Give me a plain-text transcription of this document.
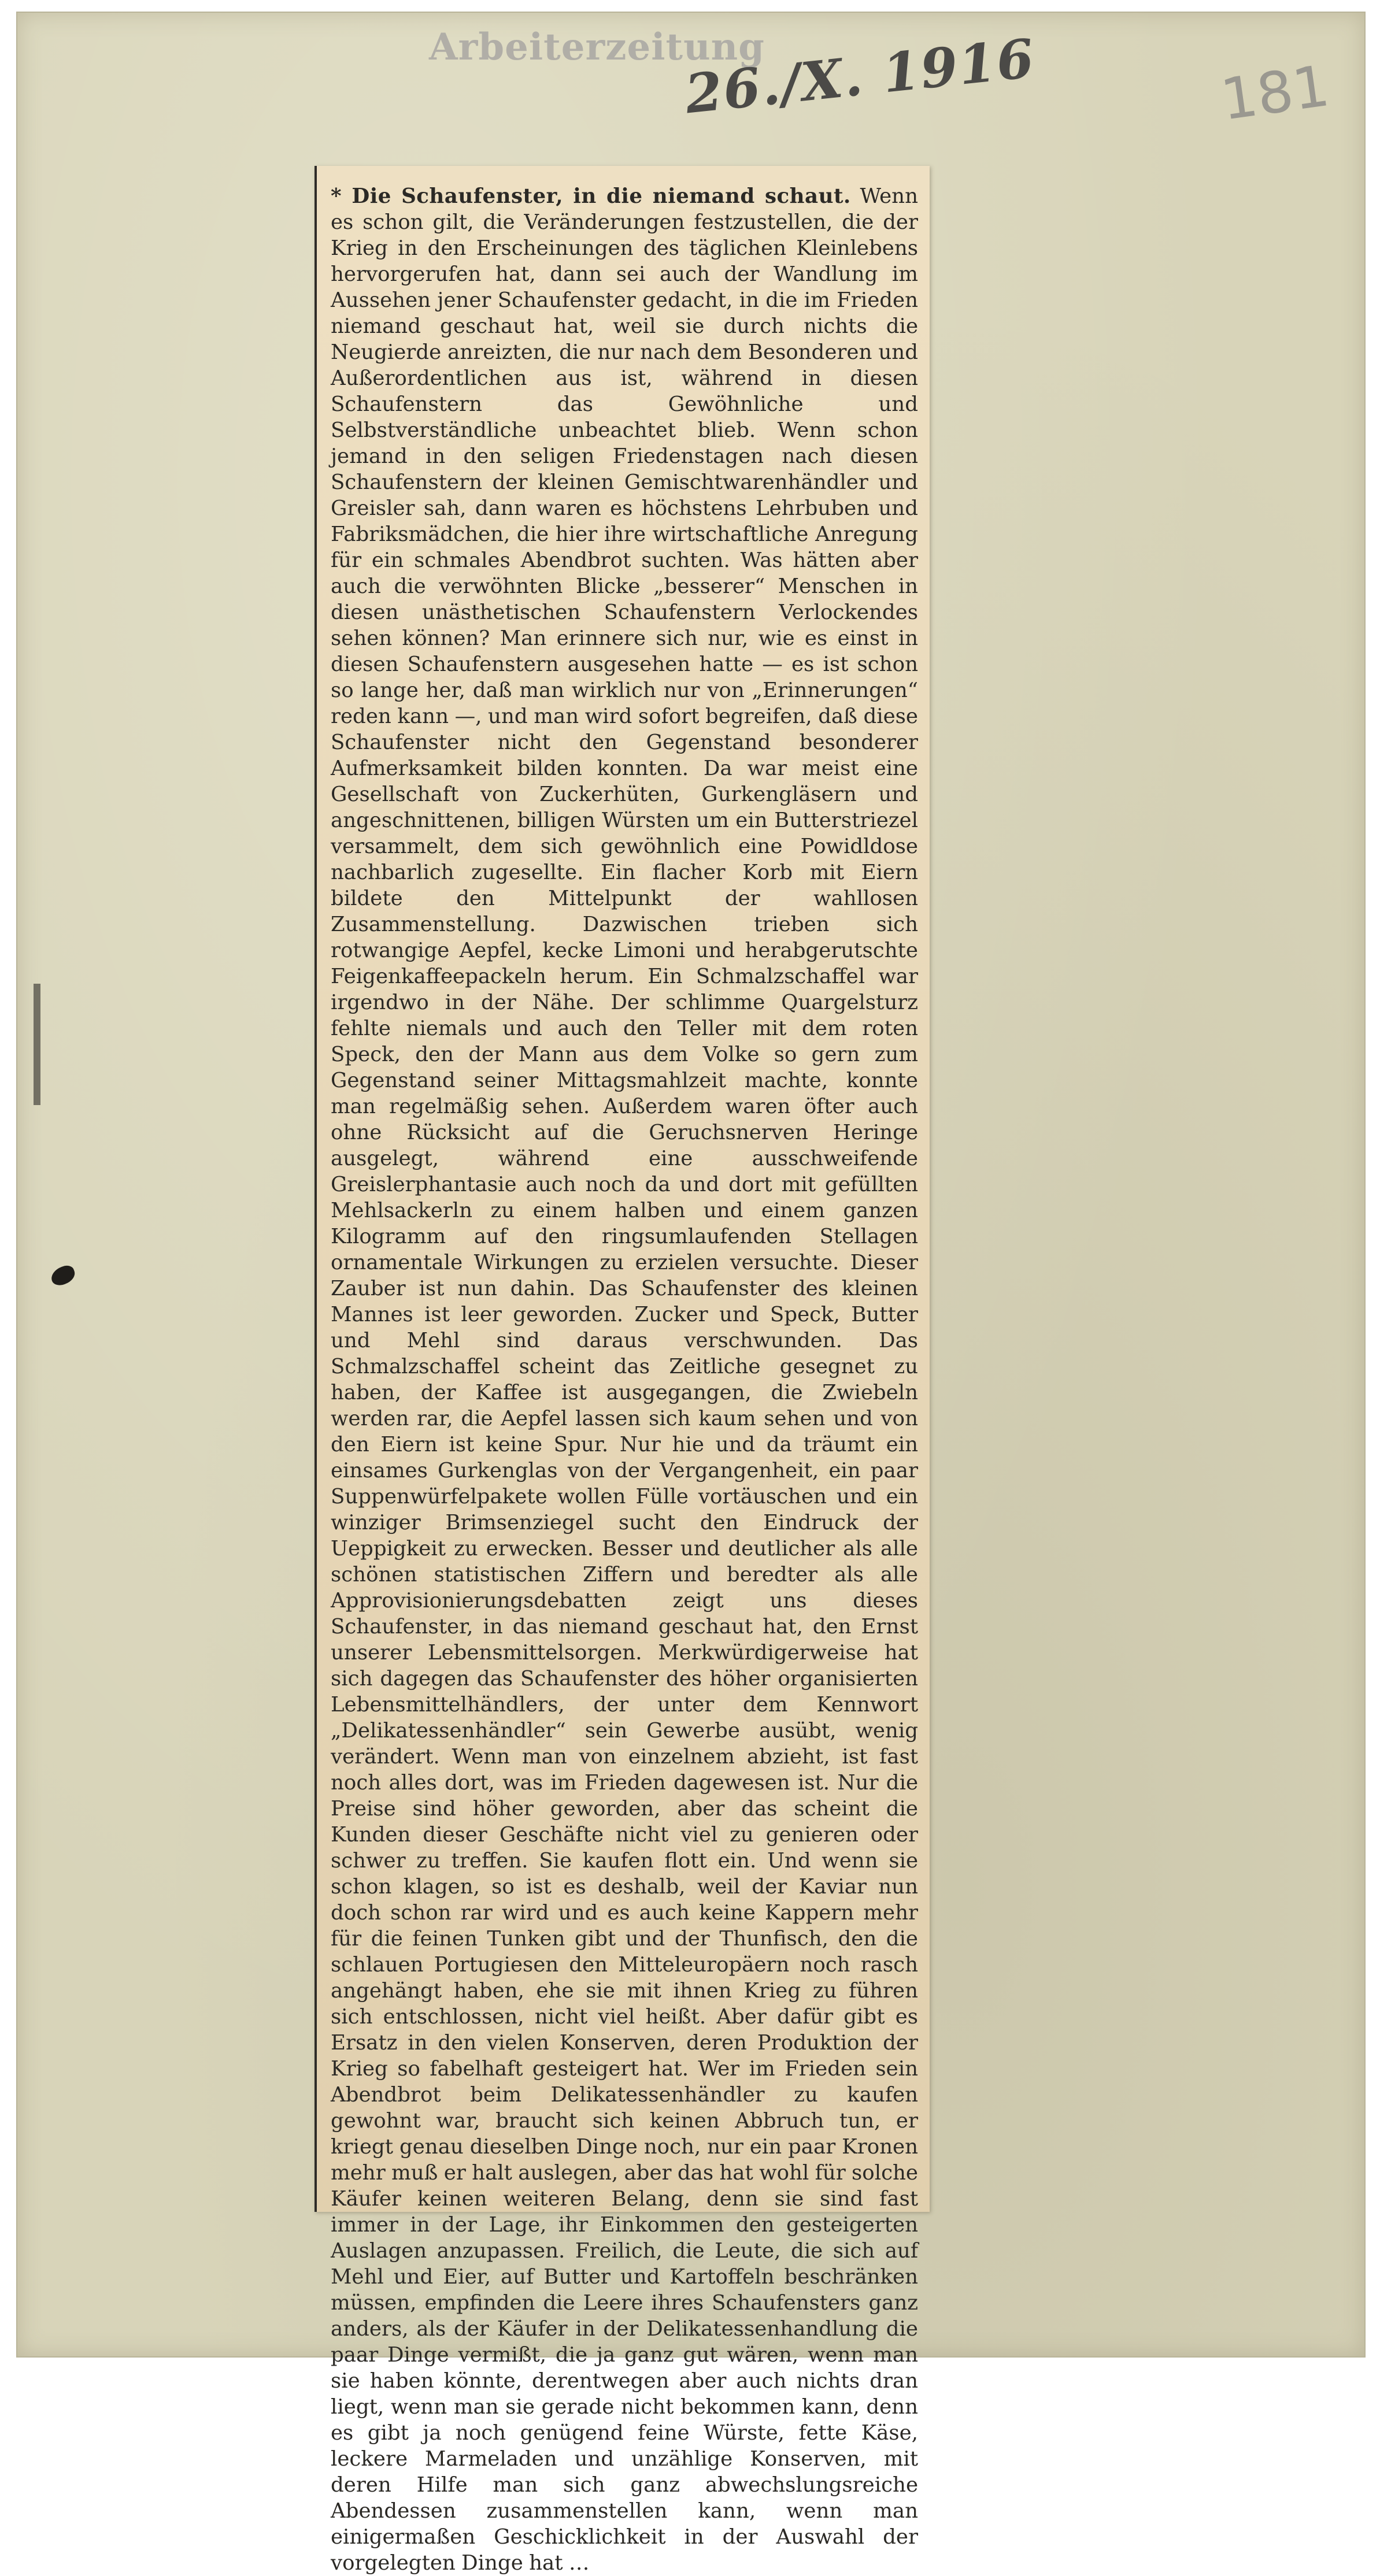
Arbeiterzeitung
26./X. 1916	181
* Die Schaufenster, in die niemand schaut. Wenn es schon gilt, die Veränderungen festzustellen, die der Krieg in den Erscheinungen des täglichen Kleinlebens hervorgerufen hat, dann sei auch der Wandlung im Aussehen jener Schaufenster gedacht, in die im Frieden niemand geschaut hat, weil sie durch nichts die Neugierde anreizten, die nur nach dem Besonderen und Außerordentlichen aus ist, während in diesen Schaufenstern das Gewöhnliche und Selbstverständliche unbeachtet blieb. Wenn schon jemand in den seligen Friedenstagen nach diesen Schaufenstern der kleinen Gemischtwarenhändler und Greisler sah, dann waren es höchstens Lehrbuben und Fabriksmädchen, die hier ihre wirtschaftliche Anregung für ein schmales Abendbrot suchten. Was hätten aber auch die verwöhnten Blicke „besserer“ Menschen in diesen unästhetischen Schaufenstern Verlockendes sehen können? Man erinnere sich nur, wie es einst in diesen Schaufenstern ausgesehen hatte — es ist schon so lange her, daß man wirklich nur von „Erinnerungen“ reden kann —, und man wird sofort begreifen, daß diese Schaufenster nicht den Gegenstand besonderer Aufmerksamkeit bilden konnten. Da war meist eine Gesellschaft von Zuckerhüten, Gurkengläsern und angeschnittenen, billigen Würsten um ein Butterstriezel versammelt, dem sich gewöhnlich eine Powidldose nachbarlich zugesellte. Ein flacher Korb mit Eiern bildete den Mittelpunkt der wahllosen Zusammenstellung. Dazwischen trieben sich rotwangige Aepfel, kecke Limoni und herabgerutschte Feigenkaffeepackeln herum. Ein Schmalzschaffel war irgendwo in der Nähe. Der schlimme Quargelsturz fehlte niemals und auch den Teller mit dem roten Speck, den der Mann aus dem Volke so gern zum Gegenstand seiner Mittagsmahlzeit machte, konnte man regelmäßig sehen. Außerdem waren öfter auch ohne Rücksicht auf die Geruchsnerven Heringe ausgelegt, während eine ausschweifende Greislerphantasie auch noch da und dort mit gefüllten Mehlsackerln zu einem halben und einem ganzen Kilogramm auf den ringsumlaufenden Stellagen ornamentale Wirkungen zu erzielen versuchte. Dieser Zauber ist nun dahin. Das Schaufenster des kleinen Mannes ist leer geworden. Zucker und Speck, Butter und Mehl sind daraus verschwunden. Das Schmalzschaffel scheint das Zeitliche gesegnet zu haben, der Kaffee ist ausgegangen, die Zwiebeln werden rar, die Aepfel lassen sich kaum sehen und von den Eiern ist keine Spur. Nur hie und da träumt ein einsames Gurkenglas von der Vergangenheit, ein paar Suppenwürfelpakete wollen Fülle vortäuschen und ein winziger Brimsenziegel sucht den Eindruck der Ueppigkeit zu erwecken. Besser und deutlicher als alle schönen statistischen Ziffern und beredter als alle Approvisionierungsdebatten zeigt uns dieses Schaufenster, in das niemand geschaut hat, den Ernst unserer Lebensmittelsorgen. Merkwürdigerweise hat sich dagegen das Schaufenster des höher organisierten Lebensmittelhändlers, der unter dem Kennwort „Delikatessenhändler“ sein Gewerbe ausübt, wenig verändert. Wenn man von einzelnem abzieht, ist fast noch alles dort, was im Frieden dagewesen ist. Nur die Preise sind höher geworden, aber das scheint die Kunden dieser Geschäfte nicht viel zu genieren oder schwer zu treffen. Sie kaufen flott ein. Und wenn sie schon klagen, so ist es deshalb, weil der Kaviar nun doch schon rar wird und es auch keine Kappern mehr für die feinen Tunken gibt und der Thunfisch, den die schlauen Portugiesen den Mitteleuropäern noch rasch angehängt haben, ehe sie mit ihnen Krieg zu führen sich entschlossen, nicht viel heißt. Aber dafür gibt es Ersatz in den vielen Konserven, deren Produktion der Krieg so fabelhaft gesteigert hat. Wer im Frieden sein Abendbrot beim Delikatessenhändler zu kaufen gewohnt war, braucht sich keinen Abbruch tun, er kriegt genau dieselben Dinge noch, nur ein paar Kronen mehr muß er halt auslegen, aber das hat wohl für solche Käufer keinen weiteren Belang, denn sie sind fast immer in der Lage, ihr Einkommen den gesteigerten Auslagen anzupassen. Freilich, die Leute, die sich auf Mehl und Eier, auf Butter und Kartoffeln beschränken müssen, empfinden die Leere ihres Schaufensters ganz anders, als der Käufer in der Delikatessenhandlung die paar Dinge vermißt, die ja ganz gut wären, wenn man sie haben könnte, derentwegen aber auch nichts dran liegt, wenn man sie gerade nicht bekommen kann, denn es gibt ja noch genügend feine Würste, fette Käse, leckere Marmeladen und unzählige Konserven, mit deren Hilfe man sich ganz abwechslungsreiche Abendessen zusammenstellen kann, wenn man einigermaßen Geschicklichkeit in der Auswahl der vorgelegten Dinge hat …
